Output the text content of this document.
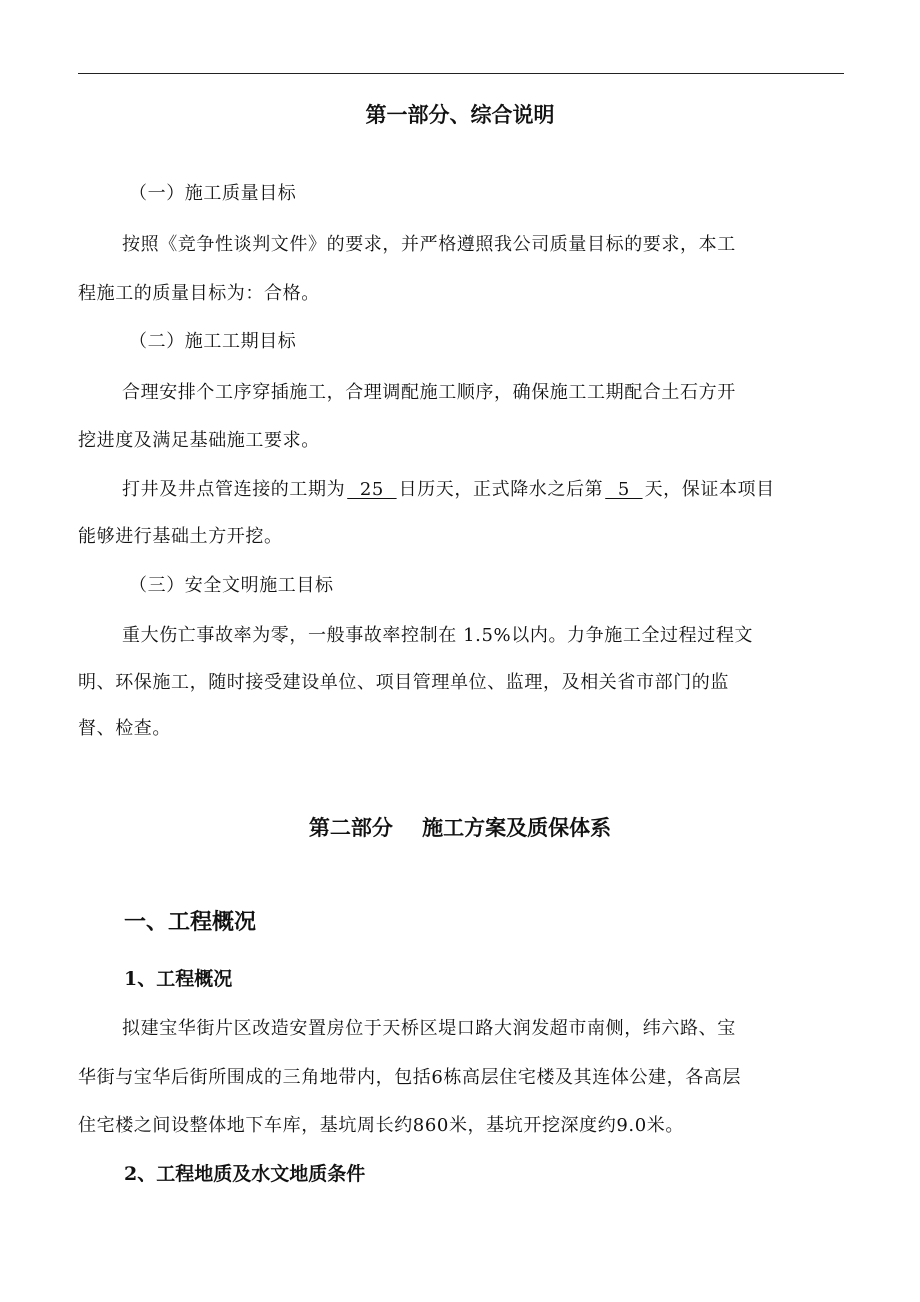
第一部分、综合说明
（一）施工质量目标
按照《竞争性谈判文件》的要求，并严格遵照我公司质量目标的要求，本工
程施工的质量目标为：合格。
（二）施工工期目标
合理安排个工序穿插施工，合理调配施工顺序，确保施工工期配合土石方开
挖进度及满足基础施工要求。
打井及井点管连接的工期为  25  日历天，正式降水之后第  5  天，保证本项目
能够进行基础土方开挖。
（三）安全文明施工目标
重大伤亡事故率为零，一般事故率控制在 1.5%以内。力争施工全过程过程文
明、环保施工，随时接受建设单位、项目管理单位、监理，及相关省市部门的监
督、检查。
第二部分    施工方案及质保体系
一、工程概况
1、工程概况
拟建宝华街片区改造安置房位于天桥区堤口路大润发超市南侧，纬六路、宝
华街与宝华后街所围成的三角地带内，包括6栋高层住宅楼及其连体公建，各高层
住宅楼之间设整体地下车库，基坑周长约860米，基坑开挖深度约9.0米。
2、工程地质及水文地质条件
